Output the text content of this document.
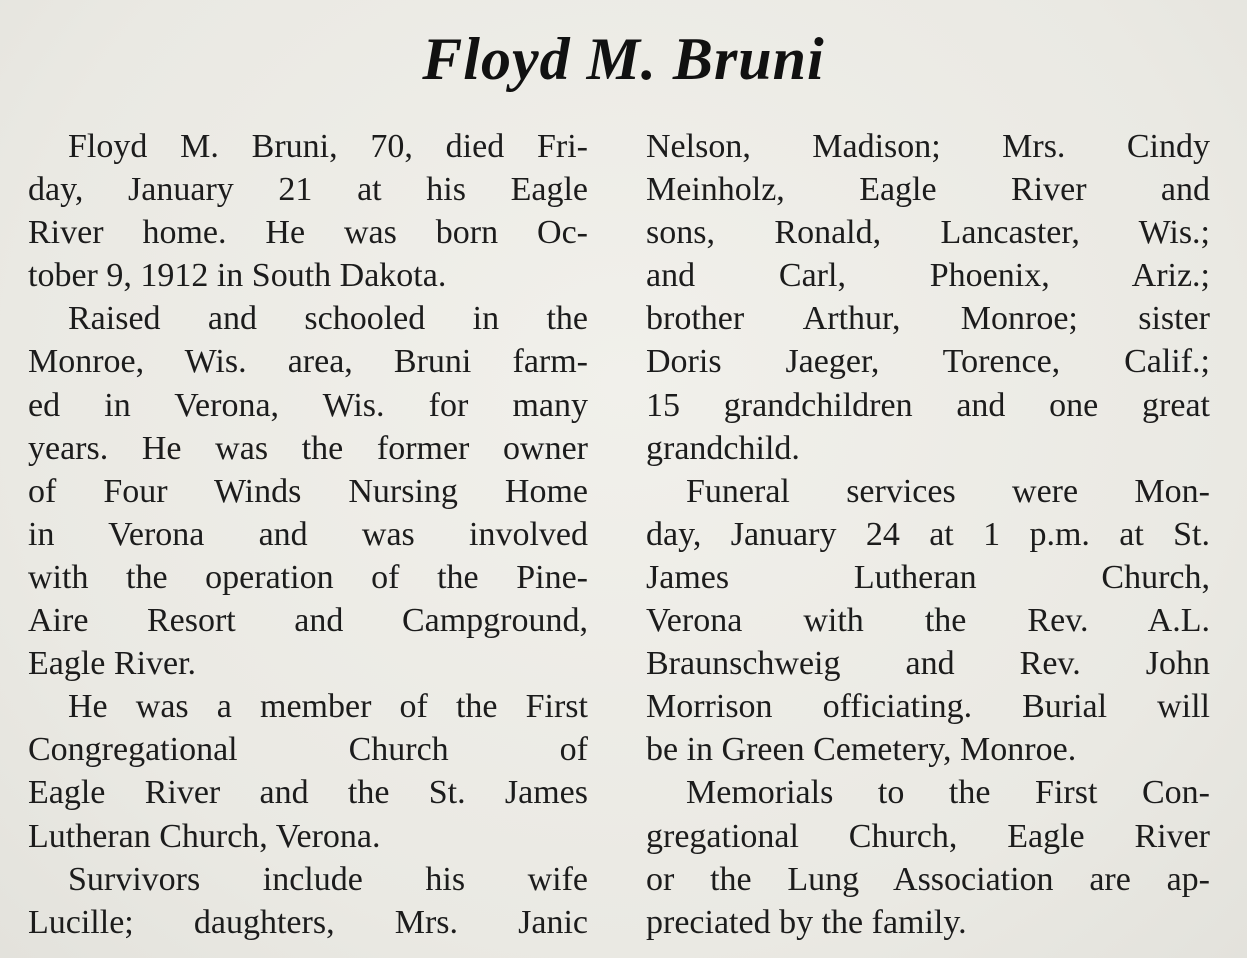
Floyd M. Bruni
Floyd M. Bruni, 70, died Fri-
day, January 21 at his Eagle
River home. He was born Oc-
tober 9, 1912 in South Dakota.
Raised and schooled in the
Monroe, Wis. area, Bruni farm-
ed in Verona, Wis. for many
years. He was the former owner
of Four Winds Nursing Home
in Verona and was involved
with the operation of the Pine-
Aire Resort and Campground,
Eagle River.
He was a member of the First
Congregational Church of
Eagle River and the St. James
Lutheran Church, Verona.
Survivors include his wife
Lucille; daughters, Mrs. Janic
Nelson, Madison; Mrs. Cindy
Meinholz, Eagle River and
sons, Ronald, Lancaster, Wis.;
and Carl, Phoenix, Ariz.;
brother Arthur, Monroe; sister
Doris Jaeger, Torence, Calif.;
15 grandchildren and one great
grandchild.
Funeral services were Mon-
day, January 24 at 1 p.m. at St.
James Lutheran Church,
Verona with the Rev. A.L.
Braunschweig and Rev. John
Morrison officiating. Burial will
be in Green Cemetery, Monroe.
Memorials to the First Con-
gregational Church, Eagle River
or the Lung Association are ap-
preciated by the family.
